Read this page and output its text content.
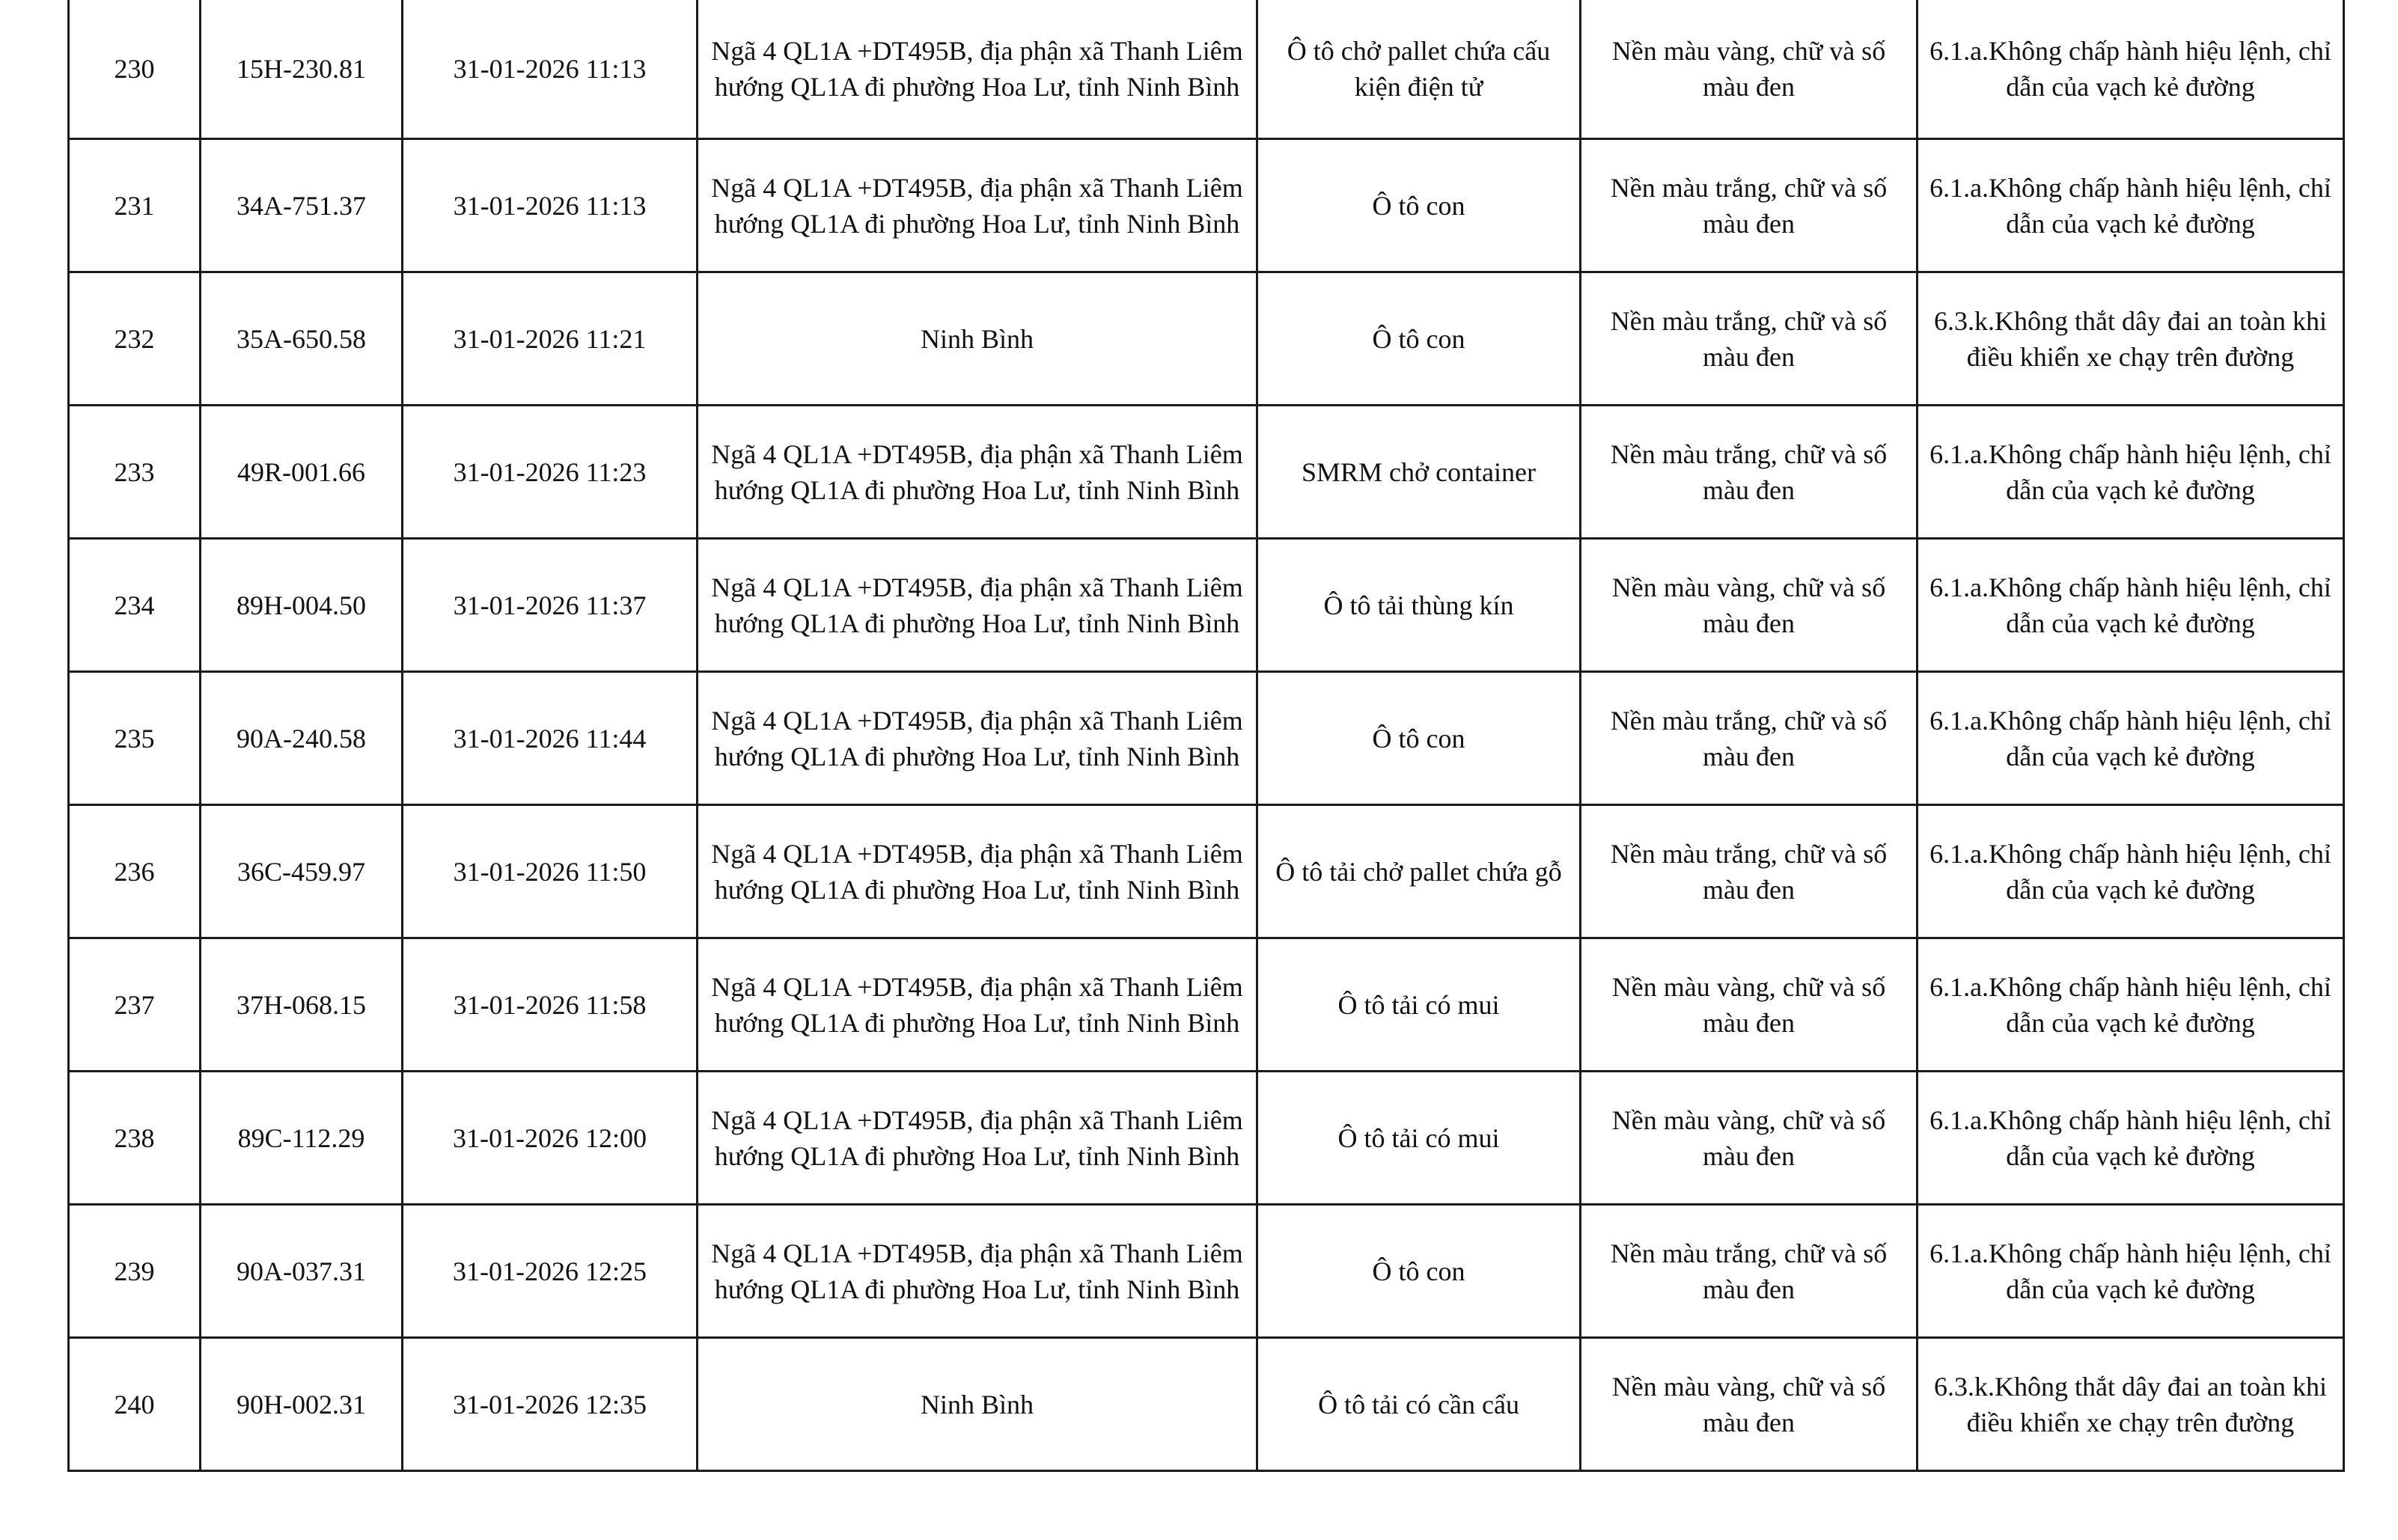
230	15H-230.81	31-01-2026 11:13	Ngã 4 QL1A +DT495B, địa phận xã Thanh Liêm hướng QL1A đi phường Hoa Lư, tỉnh Ninh Bình	Ô tô chở pallet chứa cấu kiện điện tử	Nền màu vàng, chữ và số màu đen	6.1.a.Không chấp hành hiệu lệnh, chỉ dẫn của vạch kẻ đường
231	34A-751.37	31-01-2026 11:13	Ngã 4 QL1A +DT495B, địa phận xã Thanh Liêm hướng QL1A đi phường Hoa Lư, tỉnh Ninh Bình	Ô tô con	Nền màu trắng, chữ và số màu đen	6.1.a.Không chấp hành hiệu lệnh, chỉ dẫn của vạch kẻ đường
232	35A-650.58	31-01-2026 11:21	Ninh Bình	Ô tô con	Nền màu trắng, chữ và số màu đen	6.3.k.Không thắt dây đai an toàn khi điều khiển xe chạy trên đường
233	49R-001.66	31-01-2026 11:23	Ngã 4 QL1A +DT495B, địa phận xã Thanh Liêm hướng QL1A đi phường Hoa Lư, tỉnh Ninh Bình	SMRM chở container	Nền màu trắng, chữ và số màu đen	6.1.a.Không chấp hành hiệu lệnh, chỉ dẫn của vạch kẻ đường
234	89H-004.50	31-01-2026 11:37	Ngã 4 QL1A +DT495B, địa phận xã Thanh Liêm hướng QL1A đi phường Hoa Lư, tỉnh Ninh Bình	Ô tô tải thùng kín	Nền màu vàng, chữ và số màu đen	6.1.a.Không chấp hành hiệu lệnh, chỉ dẫn của vạch kẻ đường
235	90A-240.58	31-01-2026 11:44	Ngã 4 QL1A +DT495B, địa phận xã Thanh Liêm hướng QL1A đi phường Hoa Lư, tỉnh Ninh Bình	Ô tô con	Nền màu trắng, chữ và số màu đen	6.1.a.Không chấp hành hiệu lệnh, chỉ dẫn của vạch kẻ đường
236	36C-459.97	31-01-2026 11:50	Ngã 4 QL1A +DT495B, địa phận xã Thanh Liêm hướng QL1A đi phường Hoa Lư, tỉnh Ninh Bình	Ô tô tải chở pallet chứa gỗ	Nền màu trắng, chữ và số màu đen	6.1.a.Không chấp hành hiệu lệnh, chỉ dẫn của vạch kẻ đường
237	37H-068.15	31-01-2026 11:58	Ngã 4 QL1A +DT495B, địa phận xã Thanh Liêm hướng QL1A đi phường Hoa Lư, tỉnh Ninh Bình	Ô tô tải có mui	Nền màu vàng, chữ và số màu đen	6.1.a.Không chấp hành hiệu lệnh, chỉ dẫn của vạch kẻ đường
238	89C-112.29	31-01-2026 12:00	Ngã 4 QL1A +DT495B, địa phận xã Thanh Liêm hướng QL1A đi phường Hoa Lư, tỉnh Ninh Bình	Ô tô tải có mui	Nền màu vàng, chữ và số màu đen	6.1.a.Không chấp hành hiệu lệnh, chỉ dẫn của vạch kẻ đường
239	90A-037.31	31-01-2026 12:25	Ngã 4 QL1A +DT495B, địa phận xã Thanh Liêm hướng QL1A đi phường Hoa Lư, tỉnh Ninh Bình	Ô tô con	Nền màu trắng, chữ và số màu đen	6.1.a.Không chấp hành hiệu lệnh, chỉ dẫn của vạch kẻ đường
240	90H-002.31	31-01-2026 12:35	Ninh Bình	Ô tô tải có cần cẩu	Nền màu vàng, chữ và số màu đen	6.3.k.Không thắt dây đai an toàn khi điều khiển xe chạy trên đường
